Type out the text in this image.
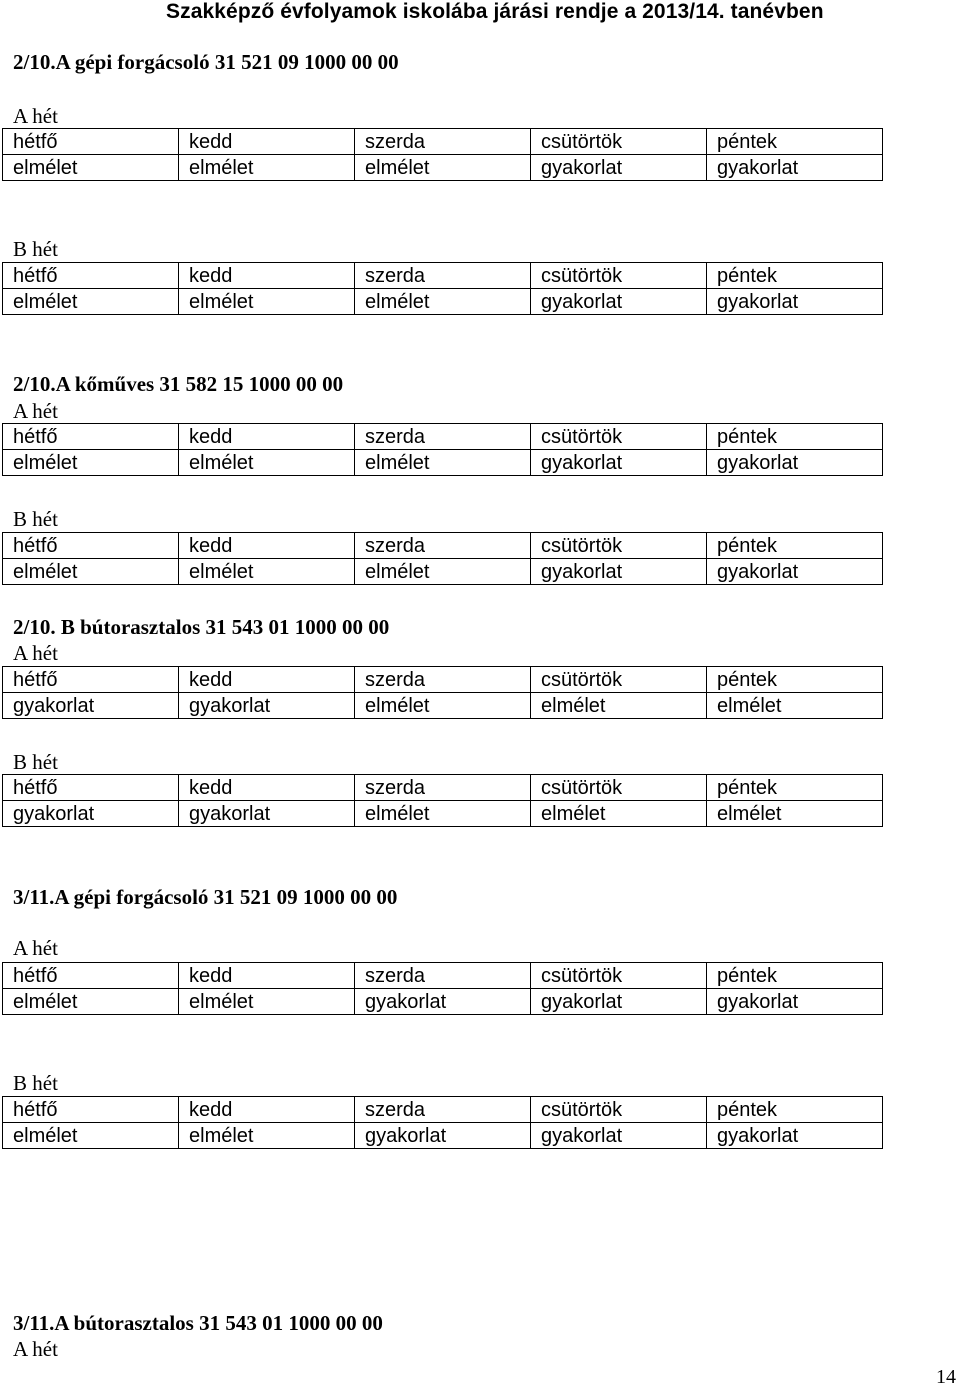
Szakképző évfolyamok iskolába járási rendje a 2013/14. tanévben
2/10.A gépi forgácsoló 31 521 09 1000 00 00
A hét
hétfő	kedd	szerda	csütörtök	péntek
elmélet	elmélet	elmélet	gyakorlat	gyakorlat
B hét
hétfő	kedd	szerda	csütörtök	péntek
elmélet	elmélet	elmélet	gyakorlat	gyakorlat
2/10.A kőműves 31 582 15 1000 00 00
A hét
hétfő	kedd	szerda	csütörtök	péntek
elmélet	elmélet	elmélet	gyakorlat	gyakorlat
B hét
hétfő	kedd	szerda	csütörtök	péntek
elmélet	elmélet	elmélet	gyakorlat	gyakorlat
2/10. B bútorasztalos 31 543 01 1000 00 00
A hét
hétfő	kedd	szerda	csütörtök	péntek
gyakorlat	gyakorlat	elmélet	elmélet	elmélet
B hét
hétfő	kedd	szerda	csütörtök	péntek
gyakorlat	gyakorlat	elmélet	elmélet	elmélet
3/11.A gépi forgácsoló 31 521 09 1000 00 00
A hét
hétfő	kedd	szerda	csütörtök	péntek
elmélet	elmélet	gyakorlat	gyakorlat	gyakorlat
B hét
hétfő	kedd	szerda	csütörtök	péntek
elmélet	elmélet	gyakorlat	gyakorlat	gyakorlat
3/11.A bútorasztalos 31 543 01 1000 00 00
A hét
14
